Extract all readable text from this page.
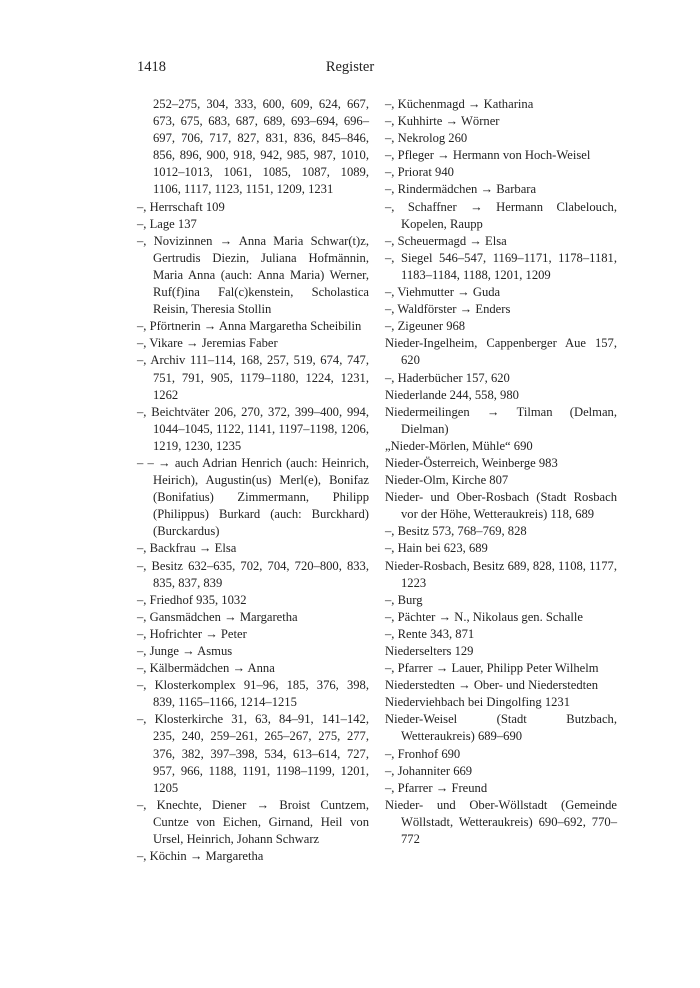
1418	Register

252–275, 304, 333, 600, 609, 624, 667, 673, 675, 683, 687, 689, 693–694, 696–697, 706, 717, 827, 831, 836, 845–846, 856, 896, 900, 918, 942, 985, 987, 1010, 1012–1013, 1061, 1085, 1087, 1089, 1106, 1117, 1123, 1151, 1209, 1231

–, Herrschaft 109

–, Lage 137

–, Novizinnen → Anna Maria Schwar(t)z, Gertrudis Diezin, Juliana Hofmännin, Maria Anna (auch: Anna Maria) Werner, Ruf(f)ina Fal(c)kenstein, Scholastica Reisin, Theresia Stollin

–, Pförtnerin → Anna Margaretha Scheibilin

–, Vikare → Jeremias Faber

–, Archiv 111–114, 168, 257, 519, 674, 747, 751, 791, 905, 1179–1180, 1224, 1231, 1262

–, Beichtväter 206, 270, 372, 399–400, 994, 1044–1045, 1122, 1141, 1197–1198, 1206, 1219, 1230, 1235

– – → auch Adrian Henrich (auch: Heinrich, Heirich), Augustin(us) Merl(e), Bonifaz (Bonifatius) Zimmermann, Philipp (Philippus) Burkard (auch: Burckhard) (Burckardus)

–, Backfrau → Elsa

–, Besitz 632–635, 702, 704, 720–800, 833, 835, 837, 839

–, Friedhof 935, 1032

–, Gansmädchen → Margaretha

–, Hofrichter → Peter

–, Junge → Asmus

–, Kälbermädchen → Anna

–, Klosterkomplex 91–96, 185, 376, 398, 839, 1165–1166, 1214–1215

–, Klosterkirche 31, 63, 84–91, 141–142, 235, 240, 259–261, 265–267, 275, 277, 376, 382, 397–398, 534, 613–614, 727, 957, 966, 1188, 1191, 1198–1199, 1201, 1205

–, Knechte, Diener → Broist Cuntzem, Cuntze von Eichen, Girnand, Heil von Ursel, Heinrich, Johann Schwarz

–, Köchin → Margaretha

–, Küchenmagd → Katharina

–, Kuhhirte → Wörner

–, Nekrolog 260

–, Pfleger → Hermann von Hoch-Weisel

–, Priorat 940

–, Rindermädchen → Barbara

–, Schaffner → Hermann Clabelouch, Kopelen, Raupp

–, Scheuermagd → Elsa

–, Siegel 546–547, 1169–1171, 1178–1181, 1183–1184, 1188, 1201, 1209

–, Viehmutter → Guda

–, Waldförster → Enders

–, Zigeuner 968

Nieder-Ingelheim, Cappenberger Aue 157, 620

–, Haderbücher 157, 620

Niederlande 244, 558, 980

Niedermeilingen → Tilman (Delman, Dielman)

„Nieder-Mörlen, Mühle“ 690

Nieder-Österreich, Weinberge 983

Nieder-Olm, Kirche 807

Nieder- und Ober-Rosbach (Stadt Rosbach vor der Höhe, Wetteraukreis) 118, 689

–, Besitz 573, 768–769, 828

–, Hain bei 623, 689

Nieder-Rosbach, Besitz 689, 828, 1108, 1177, 1223

–, Burg

–, Pächter → N., Nikolaus gen. Schalle

–, Rente 343, 871

Niederselters 129

–, Pfarrer → Lauer, Philipp Peter Wilhelm

Niederstedten → Ober- und Niederstedten

Niederviehbach bei Dingolfing 1231

Nieder-Weisel (Stadt Butzbach, Wetteraukreis) 689–690

–, Fronhof 690

–, Johanniter 669

–, Pfarrer → Freund

Nieder- und Ober-Wöllstadt (Gemeinde Wöllstadt, Wetteraukreis) 690–692, 770–772
